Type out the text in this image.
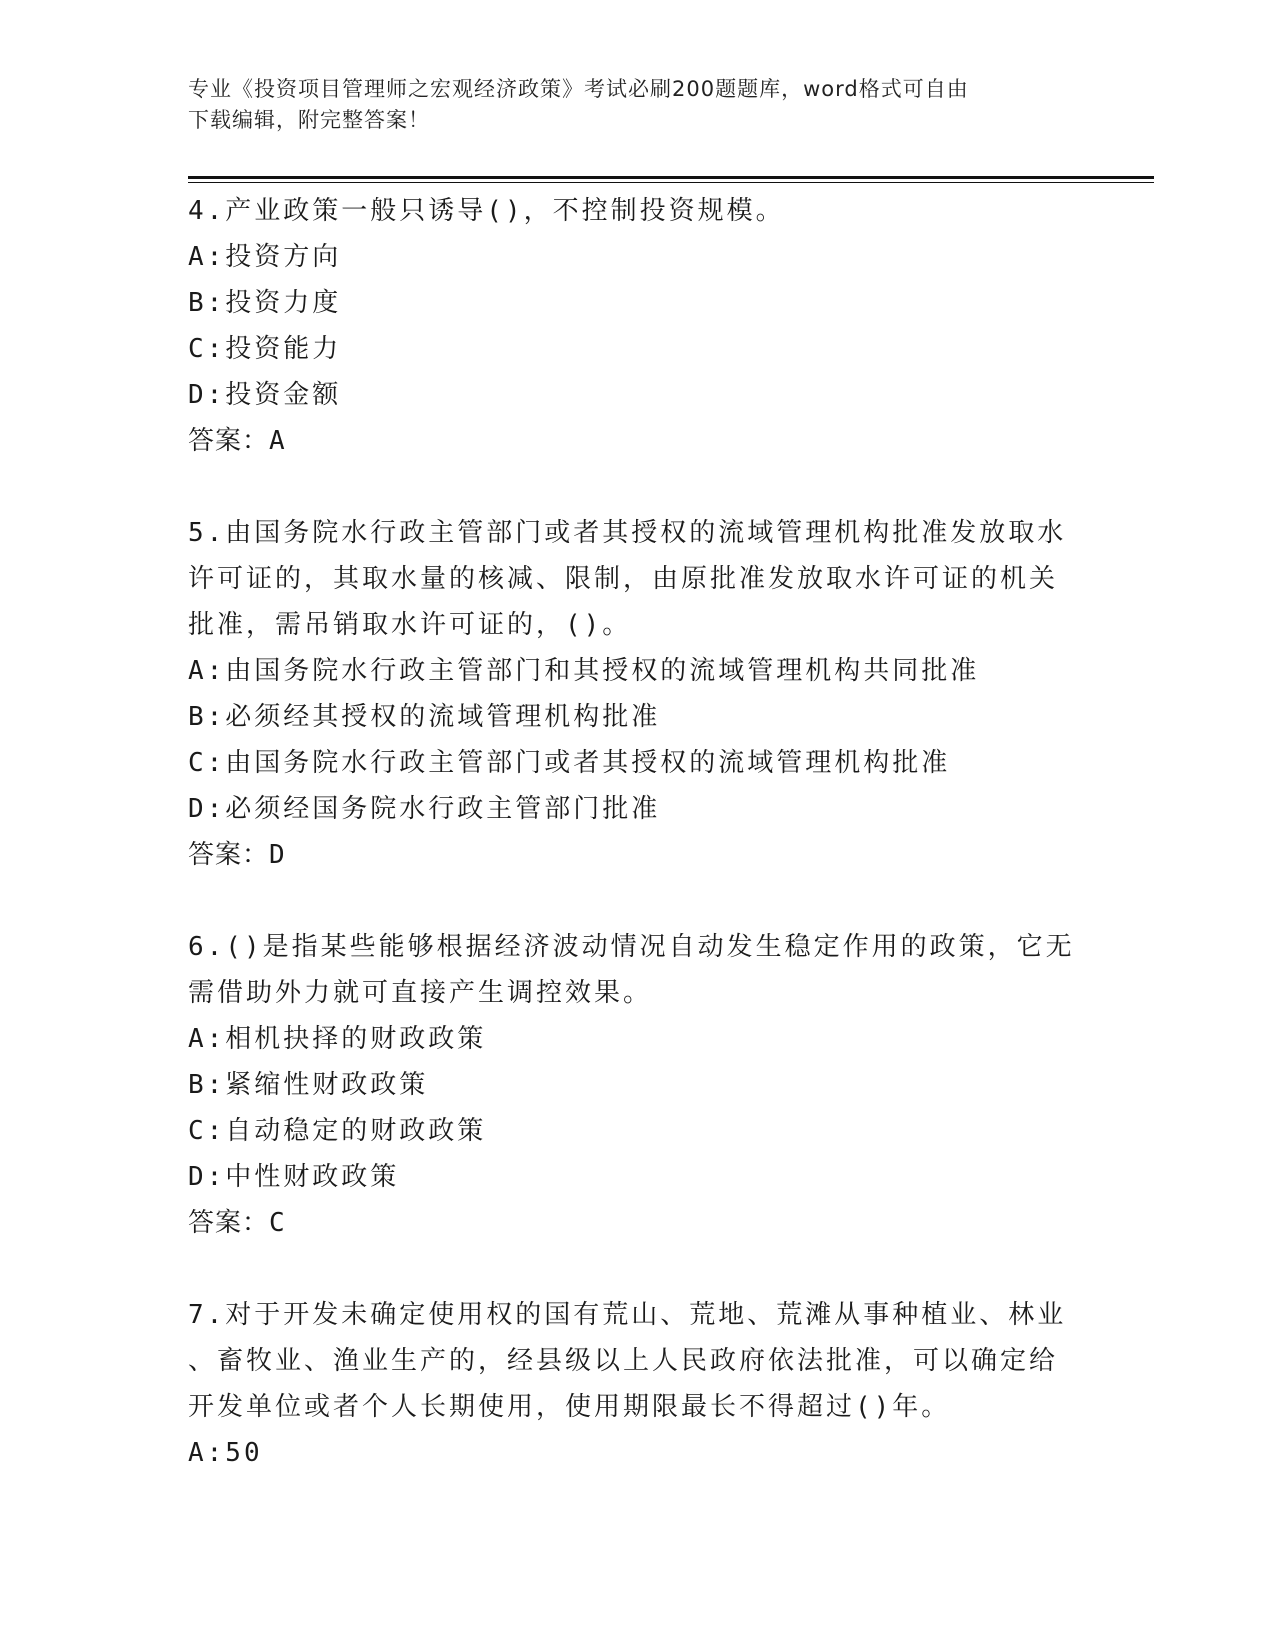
专业《投资项目管理师之宏观经济政策》考试必刷200题题库，word格式可自由

下载编辑，附完整答案！

4.产业政策一般只诱导()，不控制投资规模。
A:投资方向
B:投资力度
C:投资能力
D:投资金额
答案：A
5.由国务院水行政主管部门或者其授权的流域管理机构批准发放取水
许可证的，其取水量的核减、限制，由原批准发放取水许可证的机关
批准，需吊销取水许可证的，()。
A:由国务院水行政主管部门和其授权的流域管理机构共同批准
B:必须经其授权的流域管理机构批准
C:由国务院水行政主管部门或者其授权的流域管理机构批准
D:必须经国务院水行政主管部门批准
答案：D
6.()是指某些能够根据经济波动情况自动发生稳定作用的政策，它无
需借助外力就可直接产生调控效果。
A:相机抉择的财政政策
B:紧缩性财政政策
C:自动稳定的财政政策
D:中性财政政策
答案：C
7.对于开发未确定使用权的国有荒山、荒地、荒滩从事种植业、林业
、畜牧业、渔业生产的，经县级以上人民政府依法批准，可以确定给
开发单位或者个人长期使用，使用期限最长不得超过()年。
A:50
